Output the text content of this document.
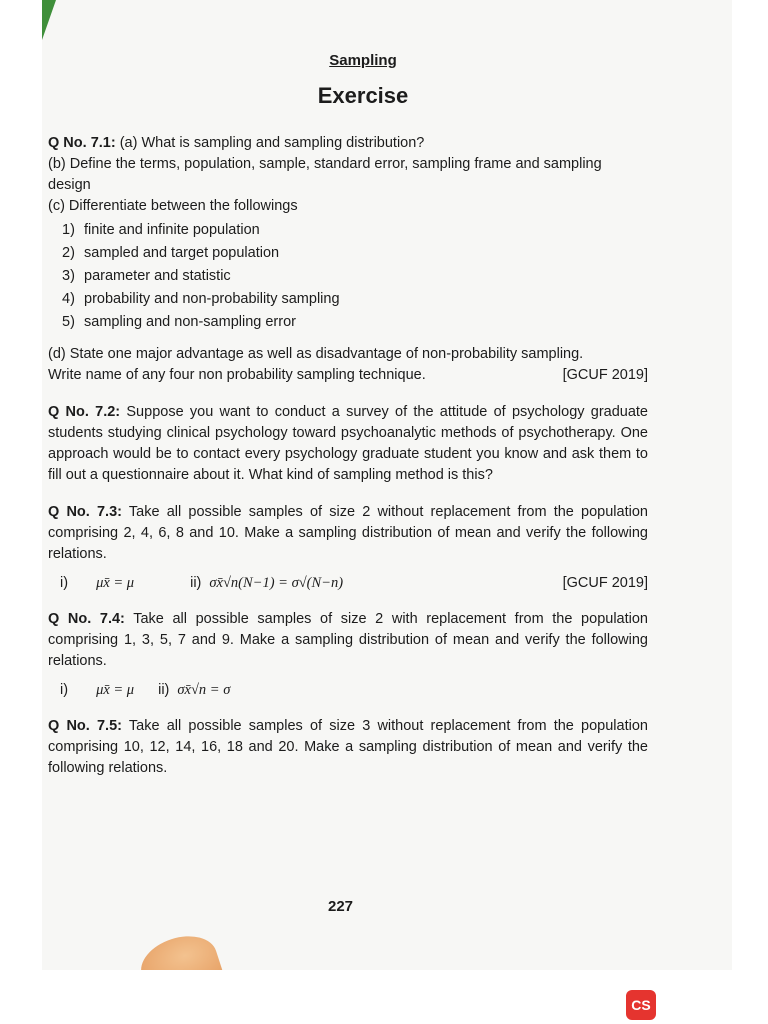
Sampling
Exercise

Q No. 7.1: (a) What is sampling and sampling distribution?

(b) Define the terms, population, sample, standard error, sampling frame and sampling design

(c) Differentiate between the followings

1) finite and infinite population
2) sampled and target population
3) parameter and statistic
4) probability and non-probability sampling
5) sampling and non-sampling error

(d) State one major advantage as well as disadvantage of non-probability sampling.

Write name of any four non probability sampling technique.	[GCUF 2019]

Q No. 7.2: Suppose you want to conduct a survey of the attitude of psychology graduate students studying clinical psychology toward psychoanalytic methods of psychotherapy. One approach would be to contact every psychology graduate student you know and ask them to fill out a questionnaire about it. What kind of sampling method is this?

Q No. 7.3: Take all possible samples of size 2 without replacement from the population comprising 2, 4, 6, 8 and 10. Make a sampling distribution of mean and verify the following relations.

i) μx̄ = μ	ii) σx̄√n(N−1) = σ√(N−n)	[GCUF 2019]

Q No. 7.4: Take all possible samples of size 2 with replacement from the population comprising 1, 3, 5, 7 and 9. Make a sampling distribution of mean and verify the following relations.

i) μx̄ = μ ii) σx̄√n = σ

Q No. 7.5: Take all possible samples of size 3 without replacement from the population comprising 10, 12, 14, 16, 18 and 20. Make a sampling distribution of mean and verify the following relations.

227
CS
